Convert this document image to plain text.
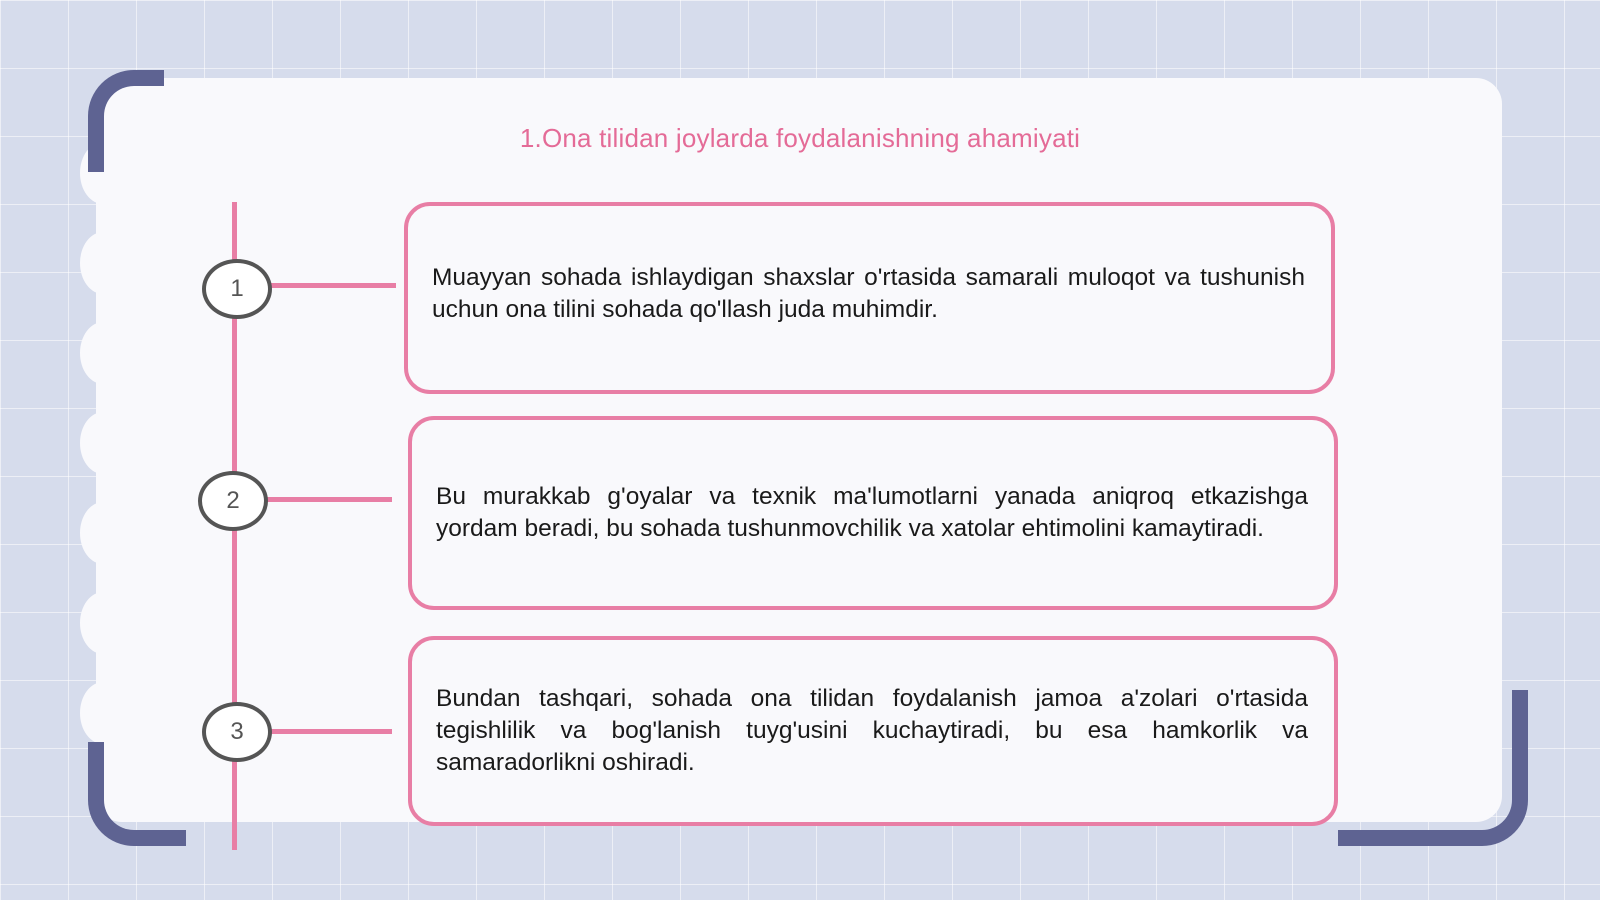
1.Ona tilidan joylarda foydalanishning ahamiyati
1
2
3

Muayyan sohada ishlaydigan shaxslar o'rtasida samarali muloqot va tushunish uchun ona tilini sohada qo'llash juda muhimdir.

Bu murakkab g'oyalar va texnik ma'lumotlarni yanada aniqroq etkazishga yordam beradi, bu sohada tushunmovchilik va xatolar ehtimolini kamaytiradi.

Bundan tashqari, sohada ona tilidan foydalanish jamoa a'zolari o'rtasida tegishlilik va bog'lanish tuyg'usini kuchaytiradi, bu esa hamkorlik va samaradorlikni oshiradi.
